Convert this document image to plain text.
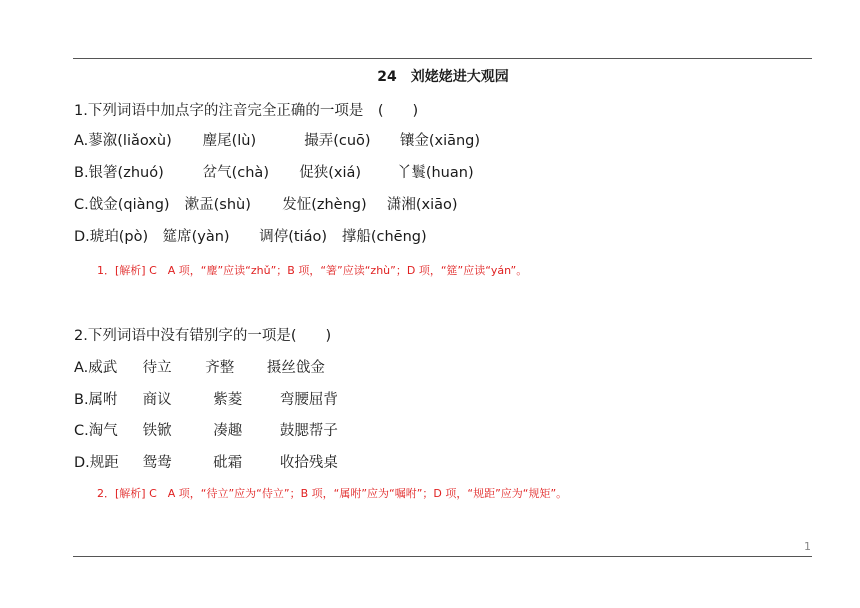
24　刘姥姥进大观园
1.下列词语中加点字的注音完全正确的一项是　(　　)
A.蓼溆(liǎoxù) 麈尾(lù)	撮弄(cuō) 镶金(xiāng)
B.银箸(zhuó)	岔气(chà) 促狭(xiá) 丫鬟(huan)
C.戗金(qiàng) 漱盂(shù) 发怔(zhèng) 潇湘(xiāo)
D.琥珀(pò) 筵席(yàn) 调停(tiáo) 撑船(chēng)
1．[解析] C　A 项，“麈”应读“zhǔ”；B 项，“箸”应读“zhù”；D 项，“筵”应读“yán”。
2.下列词语中没有错别字的一项是(　　)
A.威武 待立 齐整 摄丝戗金
B.属咐 商议	紫菱	弯腰屈背
C.淘气 铁锨	凑趣	鼓腮帮子
D.规距 鸳鸯	砒霜	收拾残桌
2．[解析] C　A 项，“待立”应为“侍立”；B 项，“属咐”应为“嘱咐”；D 项，“规距”应为“规矩”。
1
